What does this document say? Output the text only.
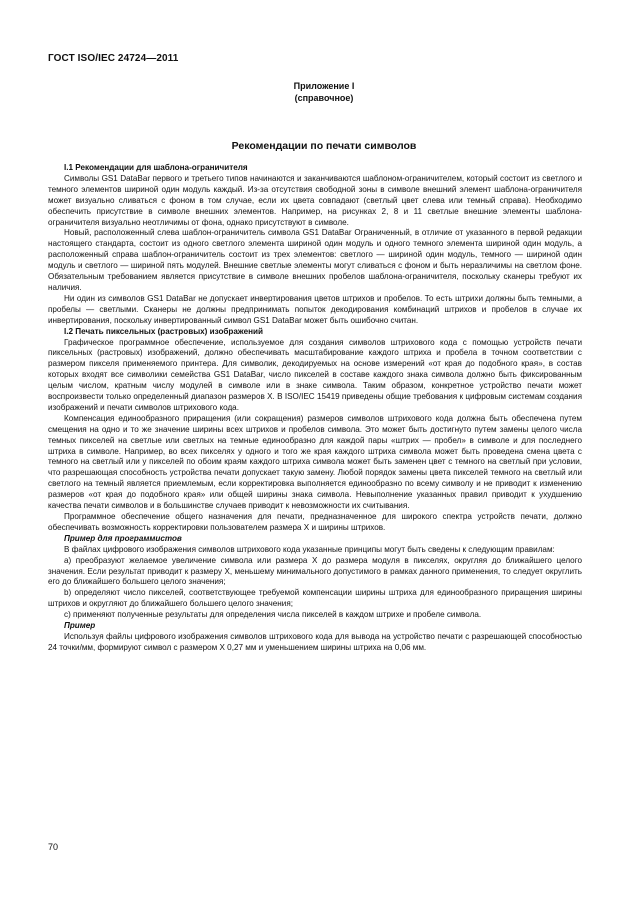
ГОСТ ISO/IEC 24724—2011
Приложение I
(справочное)
Рекомендации по печати символов

I.1 Рекомендации для шаблона-ограничителя

Символы GS1 DataBar первого и третьего типов начинаются и заканчиваются шаблоном-ограничителем, который состоит из светлого и темного элементов шириной один модуль каждый. Из-за отсутствия свободной зоны в символе внешний элемент шаблона-ограничителя может визуально сливаться с фоном в том случае, если их цвета совпадают (светлый цвет слева или темный справа). Необходимо обеспечить присутствие в символе внешних элементов. Например, на рисунках 2, 8 и 11 светлые внешние элементы шаблона-ограничителя визуально неотличимы от фона, однако присутствуют в символе.

Новый, расположенный слева шаблон-ограничитель символа GS1 DataBar Ограниченный, в отличие от указанного в первой редакции настоящего стандарта, состоит из одного светлого элемента шириной один модуль и одного темного элемента шириной один модуль, а расположенный справа шаблон-ограничитель состоит из трех элементов: светлого — шириной один модуль, темного — шириной один модуль и светлого — шириной пять модулей. Внешние светлые элементы могут сливаться с фоном и быть неразличимы на светлом фоне. Обязательным требованием является присутствие в символе внешних пробелов шаблона-ограничителя, поскольку сканеры требуют их наличия.

Ни один из символов GS1 DataBar не допускает инвертирования цветов штрихов и пробелов. То есть штрихи должны быть темными, а пробелы — светлыми. Сканеры не должны предпринимать попыток декодирования комбинаций штрихов и пробелов в случае их инвертирования, поскольку инвертированный символ GS1 DataBar может быть ошибочно считан.

I.2 Печать пиксельных (растровых) изображений

Графическое программное обеспечение, используемое для создания символов штрихового кода с помощью устройств печати пиксельных (растровых) изображений, должно обеспечивать масштабирование каждого штриха и пробела в точном соответствии с размером пикселя применяемого принтера. Для символик, декодируемых на основе измерений «от края до подобного края», в состав которых входят все символики семейства GS1 DataBar, число пикселей в составе каждого знака символа должно быть фиксированным целым числом, кратным числу модулей в символе или в знаке символа. Таким образом, конкретное устройство печати может воспроизвести только определенный диапазон размеров X. В ISO/IEC 15419 приведены общие требования к цифровым системам создания изображений и печати символов штрихового кода.

Компенсация единообразного приращения (или сокращения) размеров символов штрихового кода должна быть обеспечена путем смещения на одно и то же значение ширины всех штрихов и пробелов символа. Это может быть достигнуто путем замены целого числа темных пикселей на светлые или светлых на темные единообразно для каждой пары «штрих — пробел» в символе и для последнего штриха в символе. Например, во всех пикселях у одного и того же края каждого штриха символа может быть проведена смена цвета с темного на светлый или у пикселей по обоим краям каждого штриха символа может быть заменен цвет с темного на светлый при условии, что разрешающая способность устройства печати допускает такую замену. Любой порядок замены цвета пикселей темного на светлый или светлого на темный является приемлемым, если корректировка выполняется единообразно по всему символу и не приводит к изменению размеров «от края до подобного края» или общей ширины знака символа. Невыполнение указанных правил приводит к ухудшению качества печати символов и в большинстве случаев приводит к невозможности их считывания.

Программное обеспечение общего назначения для печати, предназначенное для широкого спектра устройств печати, должно обеспечивать возможность корректировки пользователем размера X и ширины штрихов.

Пример для программистов

В файлах цифрового изображения символов штрихового кода указанные принципы могут быть сведены к следующим правилам:

а) преобразуют желаемое увеличение символа или размера X до размера модуля в пикселях, округляя до ближайшего целого значения. Если результат приводит к размеру X, меньшему минимального допустимого в рамках данного применения, то следует округлить его до ближайшего большего целого значения;

b) определяют число пикселей, соответствующее требуемой компенсации ширины штриха для единообразного приращения ширины штрихов и округляют до ближайшего большего целого значения;

c) применяют полученные результаты для определения числа пикселей в каждом штрихе и пробеле символа.

Пример

Используя файлы цифрового изображения символов штрихового кода для вывода на устройство печати с разрешающей способностью 24 точки/мм, формируют символ с размером X 0,27 мм и уменьшением ширины штриха на 0,06 мм.

70
